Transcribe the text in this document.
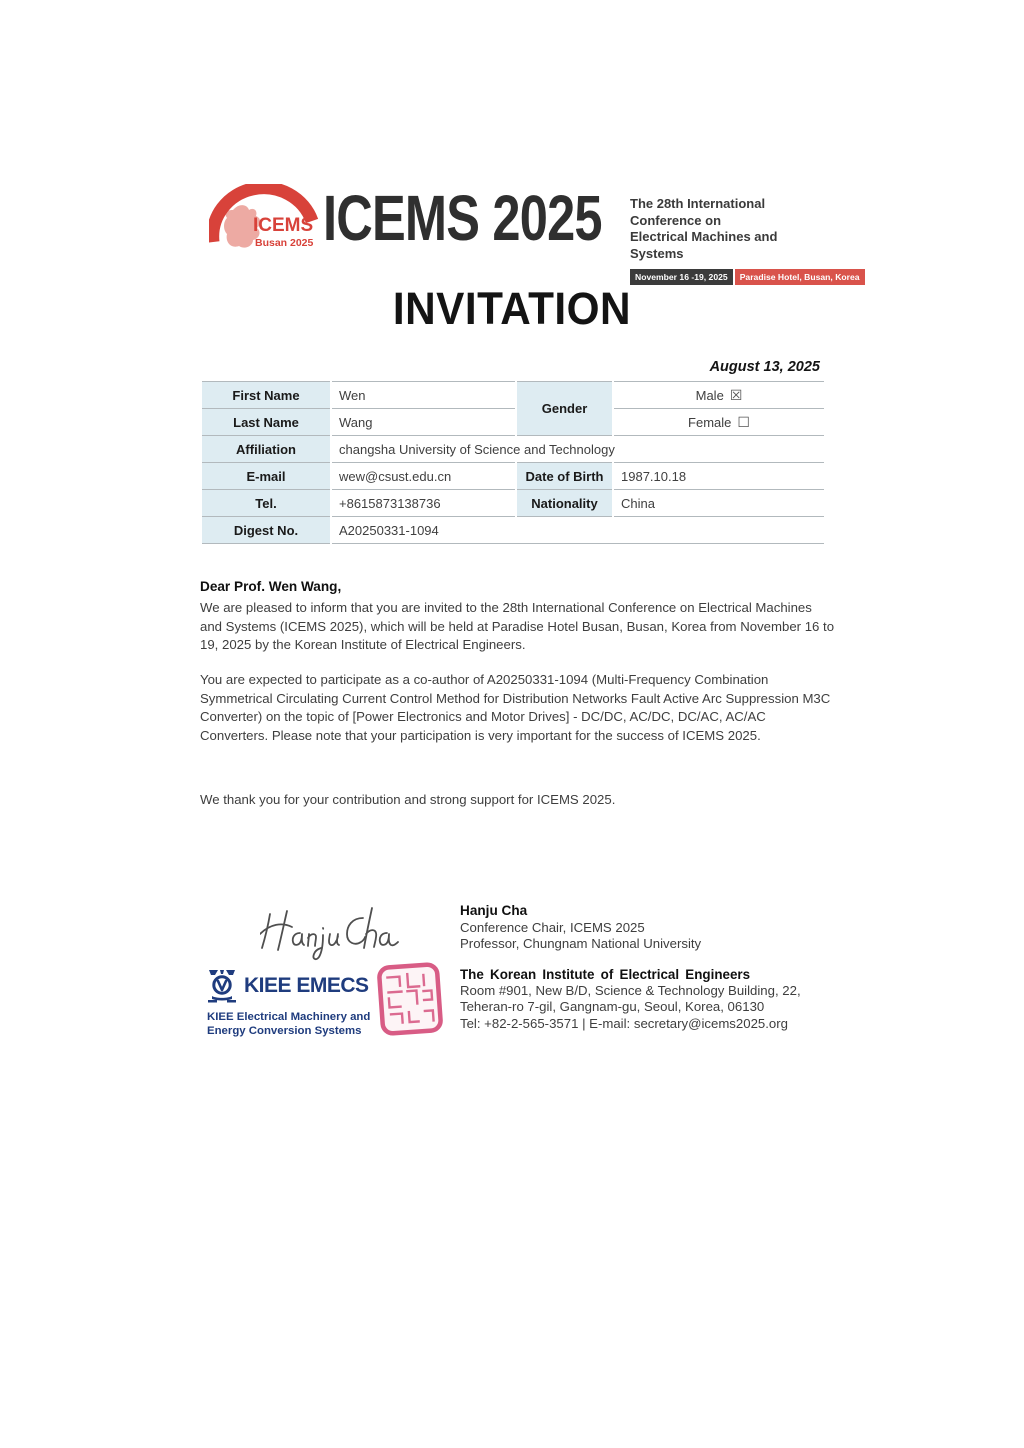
ICEMS
Busan 2025 ICEMS 2025 The 28th International Conference on
Electrical Machines and Systems
November 16 -19, 2025	Paradise Hotel, Busan, Korea
INVITATION
August 13, 2025
First Name	Wen	Gender	Male ☒
Last Name	Wang		Female ☐
Affiliation	changsha University of Science and Technology		
E-mail	wew@csust.edu.cn	Date of Birth	1987.10.18
Tel.	+8615873138736	Nationality	China
Digest No.	A20250331-1094		
Dear Prof. Wen Wang,

We are pleased to inform that you are invited to the 28th International Conference on Electrical Machines and Systems (ICEMS 2025), which will be held at Paradise Hotel Busan, Busan, Korea from November 16 to 19, 2025 by the Korean Institute of Electrical Engineers.

You are expected to participate as a co-author of A20250331-1094 (Multi-Frequency Combination Symmetrical Circulating Current Control Method for Distribution Networks Fault Active Arc Suppression M3C Converter) on the topic of [Power Electronics and Motor Drives] - DC/DC, AC/DC, DC/AC, AC/AC Converters. Please note that your participation is very important for the success of ICEMS 2025.

We thank you for your contribution and strong support for ICEMS 2025.

Hanju Cha
Conference Chair, ICEMS 2025
Professor, Chungnam National University
KIEE EMECS
KIEE Electrical Machinery and
Energy Conversion Systems
The Korean Institute of Electrical Engineers
Room #901, New B/D, Science & Technology Building, 22,
Teheran-ro 7-gil, Gangnam-gu, Seoul, Korea, 06130
Tel: +82-2-565-3571 | E-mail: secretary@icems2025.org
